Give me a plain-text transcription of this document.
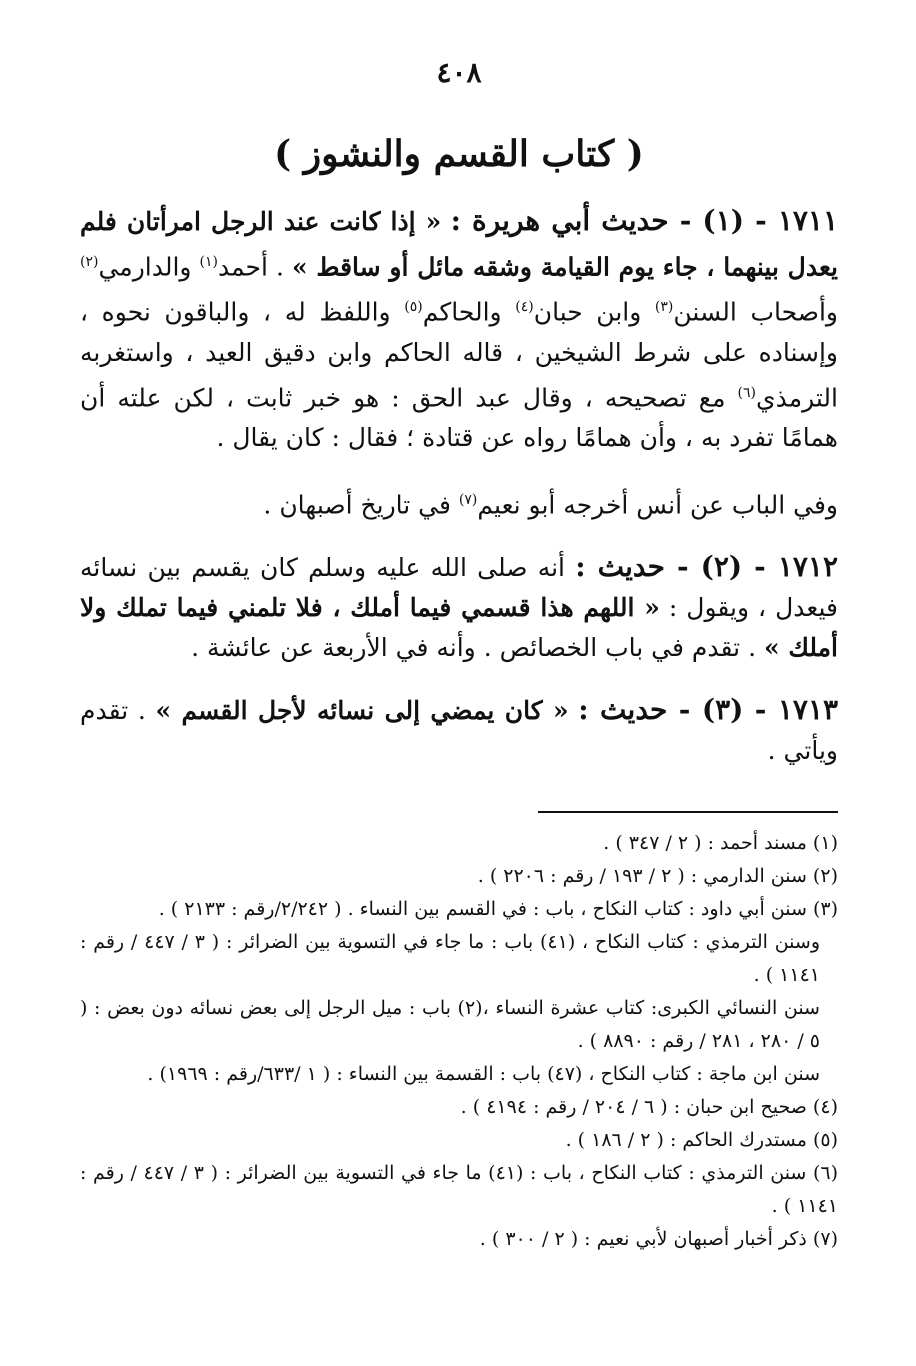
٤٠٨
( كتاب القسم والنشوز )

١٧١١ - (١) - حديث أبي هريرة : « إذا كانت عند الرجل امرأتان فلم يعدل بينهما ، جاء يوم القيامة وشقه مائل أو ساقط » . أحمد$^{(١)}$ والدارمي$^{(٢)}$ وأصحاب السنن$^{(٣)}$ وابن حبان$^{(٤)}$ والحاكم$^{(٥)}$ واللفظ له ، والباقون نحوه ، وإسناده على شرط الشيخين ، قاله الحاكم وابن دقيق العيد ، واستغربه الترمذي$^{(٦)}$ مع تصحيحه ، وقال عبد الحق : هو خبر ثابت ، لكن علته أن همامًا تفرد به ، وأن همامًا رواه عن قتادة ؛ فقال : كان يقال .

وفي الباب عن أنس أخرجه أبو نعيم$^{(٧)}$ في تاريخ أصبهان .

١٧١٢ - (٢) - حديث : أنه صلى الله عليه وسلم كان يقسم بين نسائه فيعدل ، ويقول : « اللهم هذا قسمي فيما أملك ، فلا تلمني فيما تملك ولا أملك » . تقدم في باب الخصائص . وأنه في الأربعة عن عائشة .

١٧١٣ - (٣) - حديث : « كان يمضي إلى نسائه لأجل القسم » . تقدم ويأتي .

(١) مسند أحمد : ( ٢ / ٣٤٧ ) .

(٢) سنن الدارمي : ( ٢ / ١٩٣ / رقم : ٢٢٠٦ ) .

(٣) سنن أبي داود : كتاب النكاح ، باب : في القسم بين النساء . ( ٢/٢٤٢/رقم : ٢١٣٣ ) .

وسنن الترمذي : كتاب النكاح ، (٤١) باب : ما جاء في التسوية بين الضرائر : ( ٣ / ٤٤٧ / رقم : ١١٤١ ) .

سنن النسائي الكبرى: كتاب عشرة النساء ،(٢) باب : ميل الرجل إلى بعض نسائه دون بعض : ( ٥ / ٢٨٠ ، ٢٨١ / رقم : ٨٨٩٠ ) .

سنن ابن ماجة : كتاب النكاح ، (٤٧) باب : القسمة بين النساء : ( ١ /٦٣٣/رقم : ١٩٦٩) .

(٤) صحيح ابن حبان : ( ٦ / ٢٠٤ / رقم : ٤١٩٤ ) .

(٥) مستدرك الحاكم : ( ٢ / ١٨٦ ) .

(٦) سنن الترمذي : كتاب النكاح ، باب : (٤١) ما جاء في التسوية بين الضرائر : ( ٣ / ٤٤٧ / رقم : ١١٤١ ) .

(٧) ذكر أخبار أصبهان لأبي نعيم : ( ٢ / ٣٠٠ ) .
